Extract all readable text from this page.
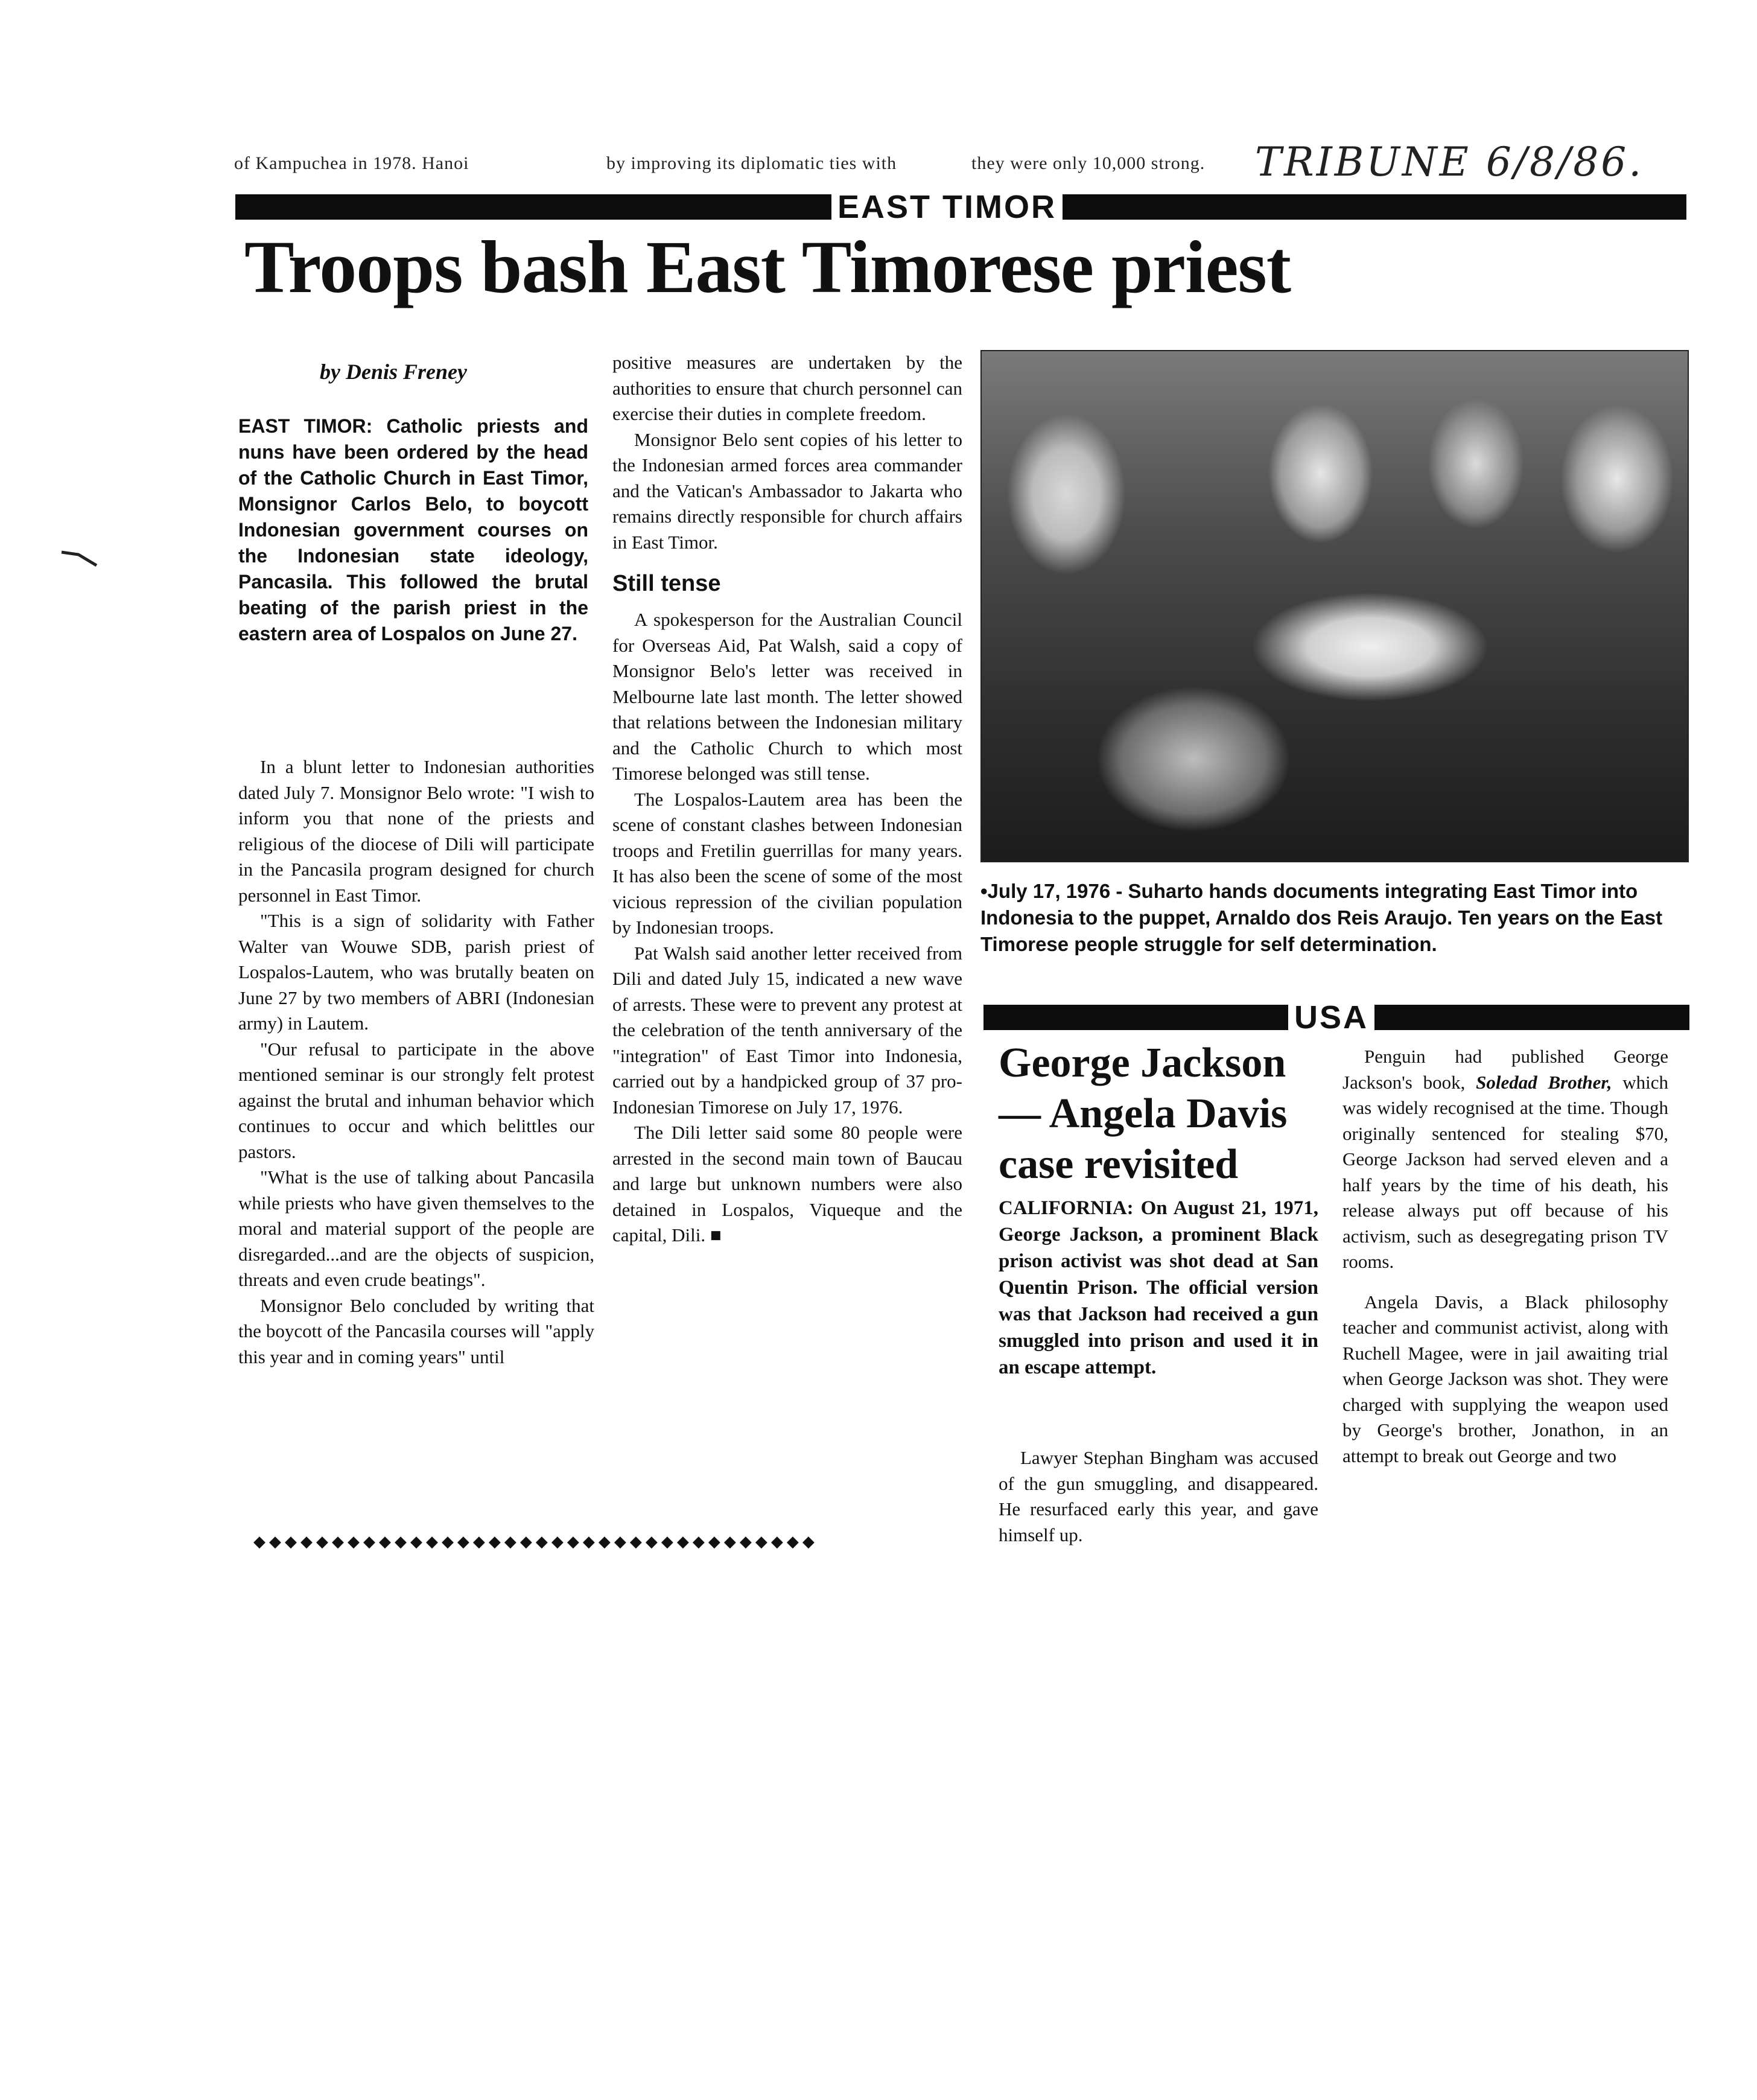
of Kampuchea in 1978. Hanoi	by improving its diplomatic ties with	they were only 10,000 strong. TRIBUNE 6/8/86.
EAST TIMOR
Troops bash East Timorese priest
by Denis Freney

EAST TIMOR: Catholic priests and nuns have been ordered by the head of the Catholic Church in East Timor, Monsignor Carlos Belo, to boycott Indonesian government courses on the Indonesian state ideology, Pancasila. This followed the brutal beating of the parish priest in the eastern area of Lospalos on June 27.

In a blunt letter to Indonesian authorities dated July 7. Monsignor Belo wrote: "I wish to inform you that none of the priests and religious of the diocese of Dili will participate in the Pancasila program designed for church personnel in East Timor.

"This is a sign of solidarity with Father Walter van Wouwe SDB, parish priest of Lospalos-Lautem, who was brutally beaten on June 27 by two members of ABRI (Indonesian army) in Lautem.

"Our refusal to participate in the above mentioned seminar is our strongly felt protest against the brutal and inhuman behavior which continues to occur and which belittles our pastors.

"What is the use of talking about Pancasila while priests who have given themselves to the moral and material support of the people are disregarded...and are the objects of suspicion, threats and even crude beatings".

Monsignor Belo concluded by writing that the boycott of the Pancasila courses will "apply this year and in coming years" until

positive measures are undertaken by the authorities to ensure that church personnel can exercise their duties in complete freedom.

Monsignor Belo sent copies of his letter to the Indonesian armed forces area commander and the Vatican's Ambassador to Jakarta who remains directly responsible for church affairs in East Timor.

Still tense

A spokesperson for the Australian Council for Overseas Aid, Pat Walsh, said a copy of Monsignor Belo's letter was received in Melbourne late last month. The letter showed that relations between the Indonesian military and the Catholic Church to which most Timorese belonged was still tense.

The Lospalos-Lautem area has been the scene of constant clashes between Indonesian troops and Fretilin guerrillas for many years. It has also been the scene of some of the most vicious repression of the civilian population by Indonesian troops.

Pat Walsh said another letter received from Dili and dated July 15, indicated a new wave of arrests. These were to prevent any protest at the celebration of the tenth anniversary of the "integration" of East Timor into Indonesia, carried out by a handpicked group of 37 pro-Indonesian Timorese on July 17, 1976.

The Dili letter said some 80 people were arrested in the second main town of Baucau and large but unknown numbers were also detained in Lospalos, Viqueque and the capital, Dili. ■

•July 17, 1976 - Suharto hands documents integrating East Timor into Indonesia to the puppet, Arnaldo dos Reis Araujo. Ten years on the East Timorese people struggle for self determination.

◆◆◆◆◆◆◆◆◆◆◆◆◆◆◆◆◆◆◆◆◆◆◆◆◆◆◆◆◆◆◆◆◆◆◆◆
USA

George Jackson

— Angela Davis

case revisited

CALIFORNIA: On August 21, 1971, George Jackson, a prominent Black prison activist was shot dead at San Quentin Prison. The official version was that Jackson had received a gun smuggled into prison and used it in an escape attempt.

Lawyer Stephan Bingham was accused of the gun smuggling, and disappeared. He resurfaced early this year, and gave himself up.

Penguin had published George Jackson's book, Soledad Brother, which was widely recognised at the time. Though originally sentenced for stealing $70, George Jackson had served eleven and a half years by the time of his death, his release always put off because of his activism, such as desegregating prison TV rooms.

Angela Davis, a Black philosophy teacher and communist activist, along with Ruchell Magee, were in jail awaiting trial when George Jackson was shot. They were charged with supplying the weapon used by George's brother, Jonathon, in an attempt to break out George and two
